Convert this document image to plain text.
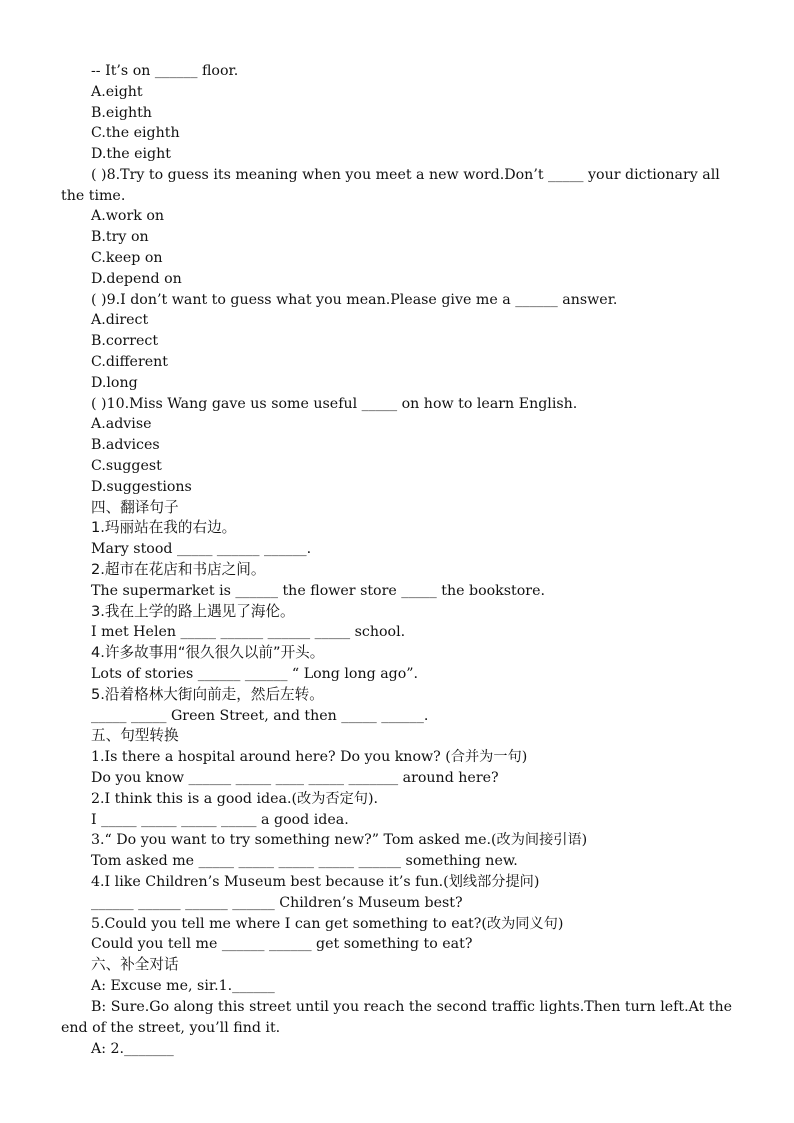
-- It’s on ______ floor.
A.eight
B.eighth
C.the eighth
D.the eight
( )8.Try to guess its meaning when you meet a new word.Don’t _____ your dictionary all the time.
A.work on
B.try on
C.keep on
D.depend on
( )9.I don’t want to guess what you mean.Please give me a ______ answer.
A.direct
B.correct
C.different
D.long
( )10.Miss Wang gave us some useful _____ on how to learn English.
A.advise
B.advices
C.suggest
D.suggestions
四、翻译句子
1.玛丽站在我的右边。
Mary stood _____ ______ ______.
2.超市在花店和书店之间。
The supermarket is ______ the flower store _____ the bookstore.
3.我在上学的路上遇见了海伦。
I met Helen _____ ______ ______ _____ school.
4.许多故事用“很久很久以前”开头。
Lots of stories ______ ______ “ Long long ago”.
5.沿着格林大街向前走，然后左转。
_____ _____ Green Street, and then _____ ______.
五、句型转换
1.Is there a hospital around here? Do you know? (合并为一句)
Do you know ______ _____ ____ _____ _______ around here?
2.I think this is a good idea.(改为否定句).
I _____ _____ _____ _____ a good idea.
3.“ Do you want to try something new?” Tom asked me.(改为间接引语)
Tom asked me _____ _____ _____ _____ ______ something new.
4.I like Children’s Museum best because it’s fun.(划线部分提问)
______ ______ ______ ______ Children’s Museum best?
5.Could you tell me where I can get something to eat?(改为同义句)
Could you tell me ______ ______ get something to eat?
六、补全对话
A: Excuse me, sir.1.______
B: Sure.Go along this street until you reach the second traffic lights.Then turn left.At the end of the street, you’ll find it.
A: 2._______
